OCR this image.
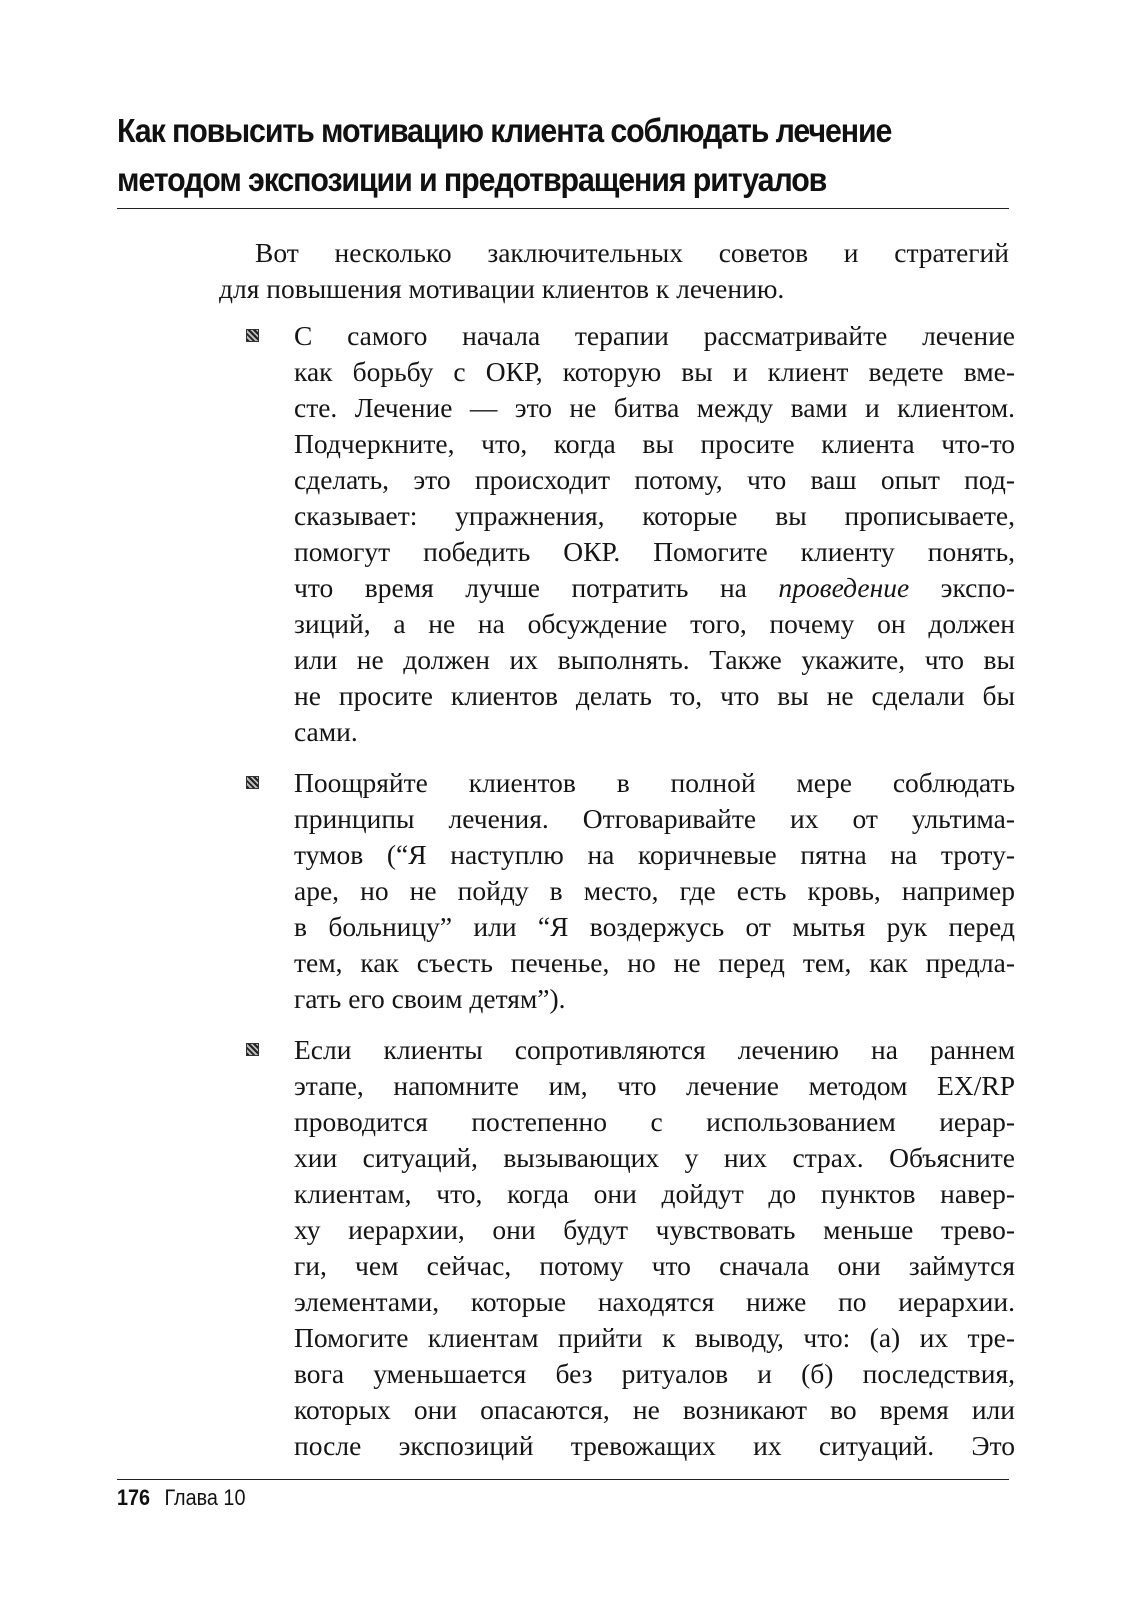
Как повысить мотивацию клиента соблюдать лечение
методом экспозиции и предотвращения ритуалов
Вот несколько заключительных советов и стратегий
для повышения мотивации клиентов к лечению.
С самого начала терапии рассматривайте лечение
как борьбу с ОКР, которую вы и клиент ведете вме-
сте. Лечение — это не битва между вами и клиентом.
Подчеркните, что, когда вы просите клиента что-то
сделать, это происходит потому, что ваш опыт под-
сказывает: упражнения, которые вы прописываете,
помогут победить ОКР. Помогите клиенту понять,
что время лучше потратить на проведение экспо-
зиций, а не на обсуждение того, почему он должен
или не должен их выполнять. Также укажите, что вы
не просите клиентов делать то, что вы не сделали бы
сами.
Поощряйте клиентов в полной мере соблюдать
принципы лечения. Отговаривайте их от ультима-
тумов (“Я наступлю на коричневые пятна на троту-
аре, но не пойду в место, где есть кровь, например
в больницу” или “Я воздержусь от мытья рук перед
тем, как съесть печенье, но не перед тем, как предла-
гать его своим детям”).
Если клиенты сопротивляются лечению на раннем
этапе, напомните им, что лечение методом EX/RP
проводится постепенно с использованием иерар-
хии ситуаций, вызывающих у них страх. Объясните
клиентам, что, когда они дойдут до пунктов навер-
ху иерархии, они будут чувствовать меньше трево-
ги, чем сейчас, потому что сначала они займутся
элементами, которые находятся ниже по иерархии.
Помогите клиентам прийти к выводу, что: (а) их тре-
вога уменьшается без ритуалов и (б) последствия,
которых они опасаются, не возникают во время или
после экспозиций тревожащих их ситуаций. Это
176 Глава 10
